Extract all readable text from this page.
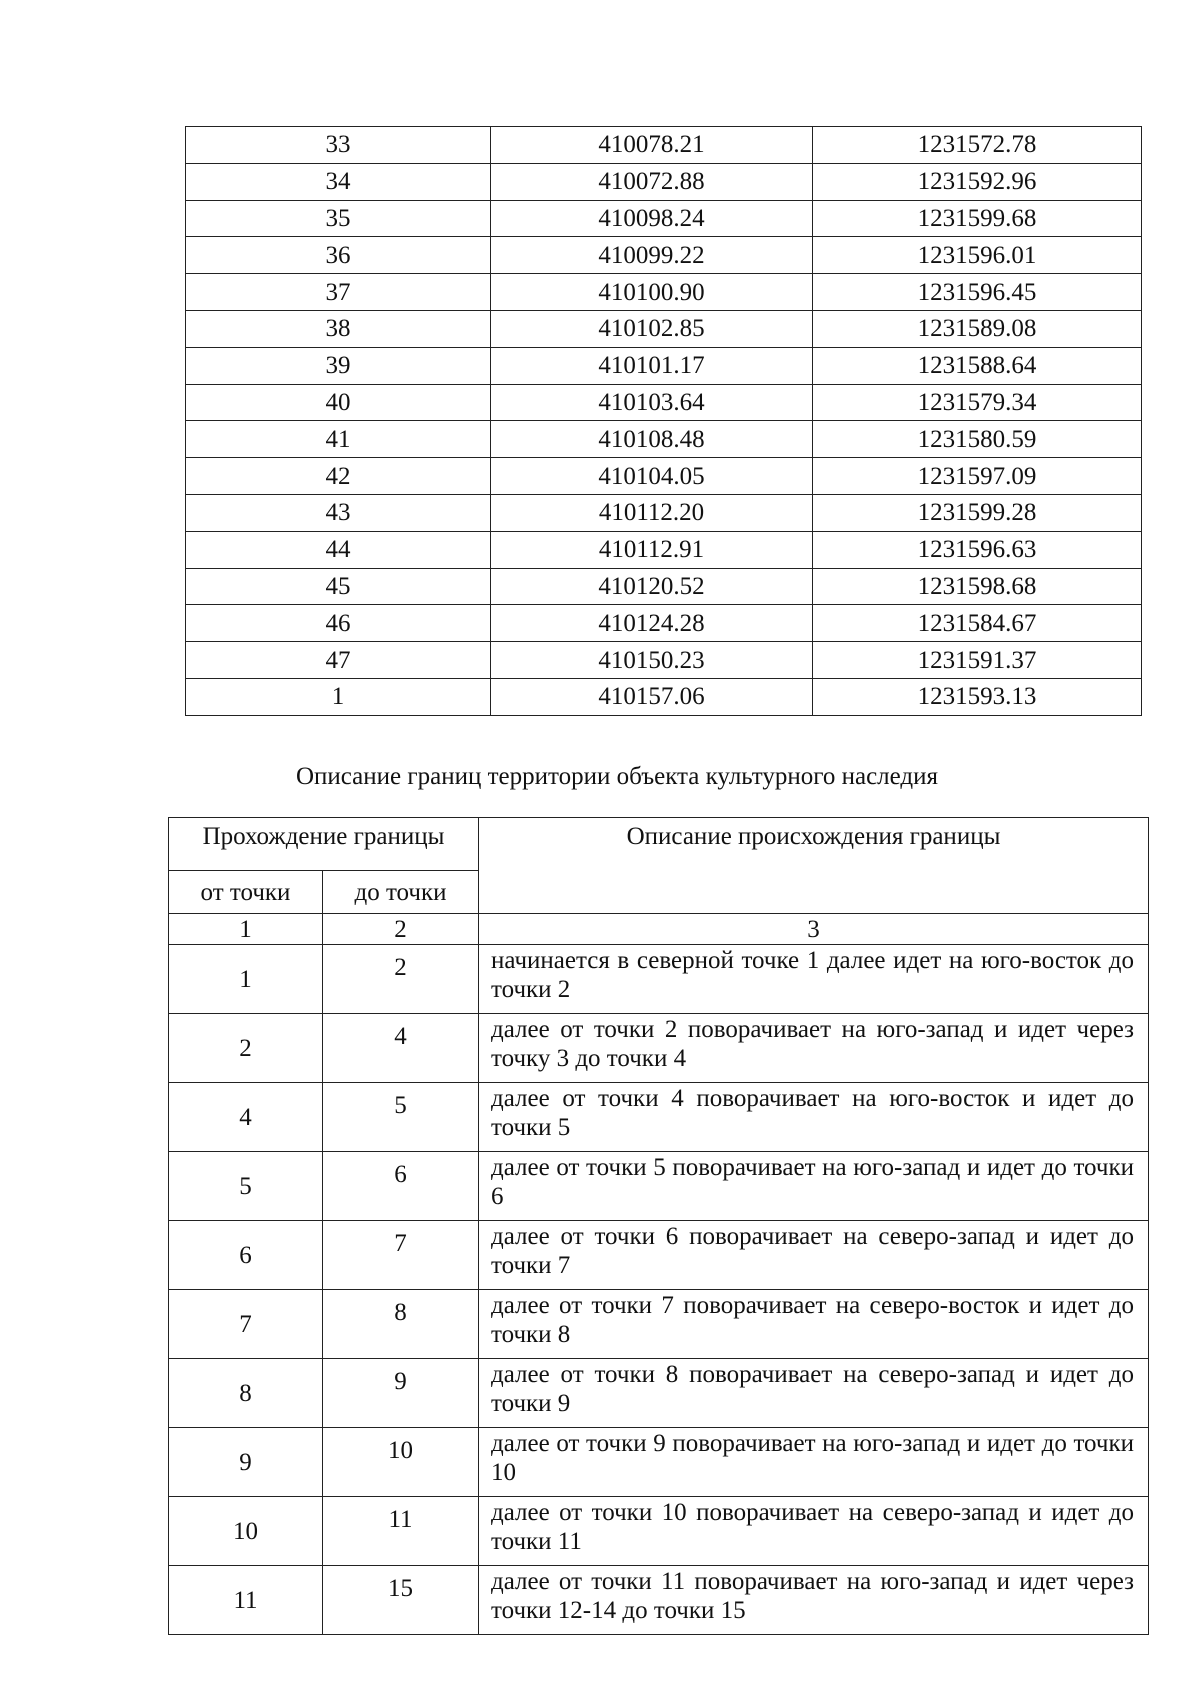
33	410078.21	1231572.78
34	410072.88	1231592.96
35	410098.24	1231599.68
36	410099.22	1231596.01
37	410100.90	1231596.45
38	410102.85	1231589.08
39	410101.17	1231588.64
40	410103.64	1231579.34
41	410108.48	1231580.59
42	410104.05	1231597.09
43	410112.20	1231599.28
44	410112.91	1231596.63
45	410120.52	1231598.68
46	410124.28	1231584.67
47	410150.23	1231591.37
1	410157.06	1231593.13
Описание границ территории объекта культурного наследия
Прохождение границы		Описание происхождения границы
от точки	до точки	
1	2	3
1	2	начинается в северной точке 1 далее идет на юго-восток до точки 2
2	4	далее от точки 2 поворачивает на юго-запад и идет через точку 3 до точки 4
4	5	далее от точки 4 поворачивает на юго-восток и идет до точки 5
5	6	далее от точки 5 поворачивает на юго-запад и идет до точки 6
6	7	далее от точки 6 поворачивает на северо-запад и идет до точки 7
7	8	далее от точки 7 поворачивает на северо-восток и идет до точки 8
8	9	далее от точки 8 поворачивает на северо-запад и идет до точки 9
9	10	далее от точки 9 поворачивает на юго-запад и идет до точки 10
10	11	далее от точки 10 поворачивает на северо-запад и идет до точки 11
11	15	далее от точки 11 поворачивает на юго-запад и идет через точки 12-14 до точки 15
